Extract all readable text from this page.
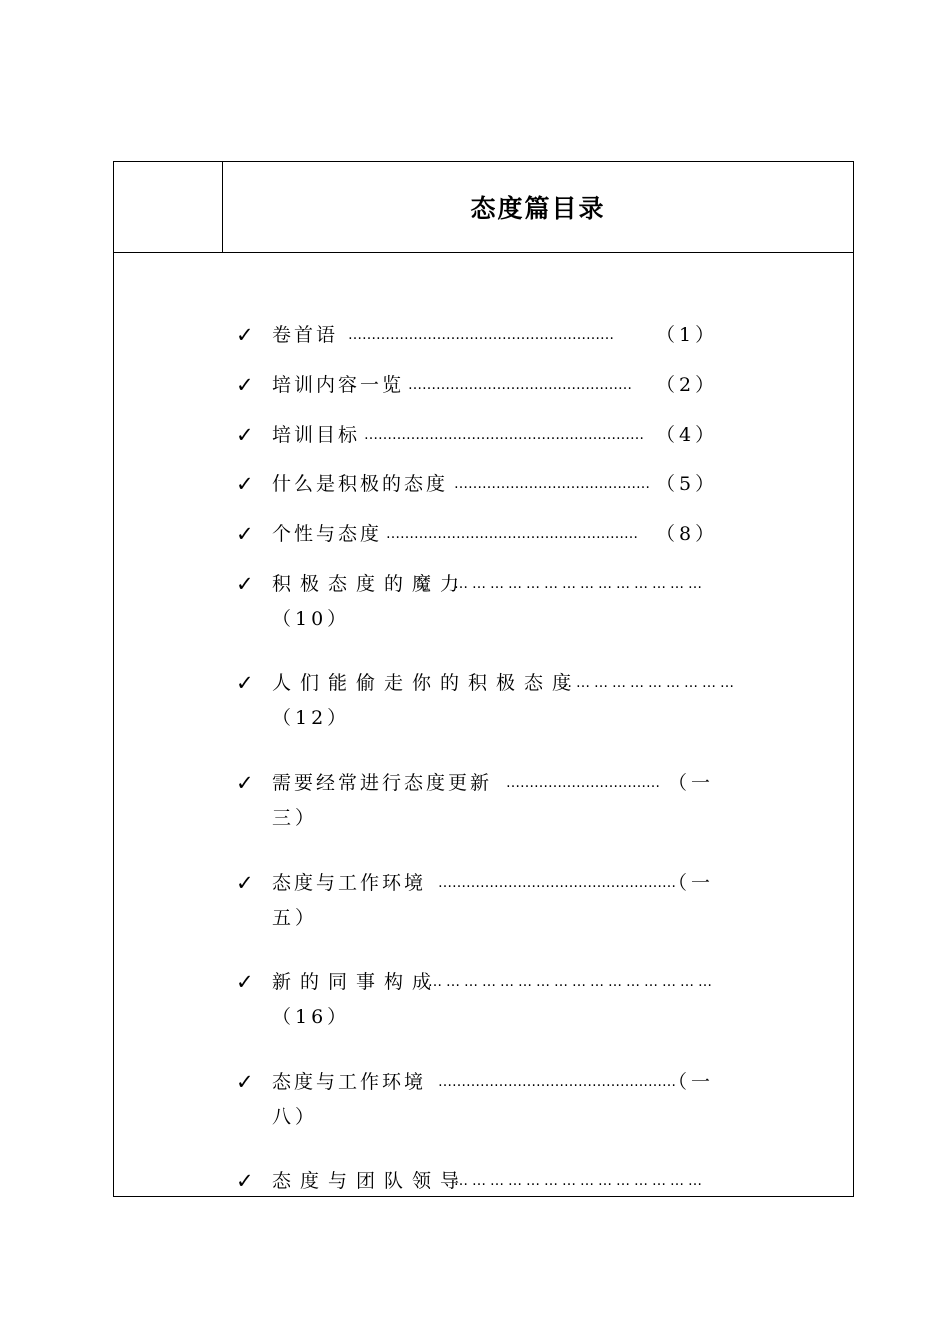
态度篇目录
✓ 卷首语 …………………………………………………	（1）
✓ 培训内容一览 …………………………………………	（2）
✓ 培训目标 …………………………………………………… （4）
✓ 什么是积极的态度 …………………………………… （5）
✓ 个性与态度 ……………………………………………… （8）
✓ 积极态度的魔力
……………………………………
（10）
✓ 人们能偷走你的积极态度
…………………………
（12）
✓ 需要经常进行态度更新 …………………………… （一
三）
✓ 态度与工作环境 ……………………………………………
（一
五）
✓ 新的同事构成
…………………………………………
（16）
✓ 态度与工作环境 ……………………………………………
（一
八）
✓ 态度与团队领导
……………………………………
